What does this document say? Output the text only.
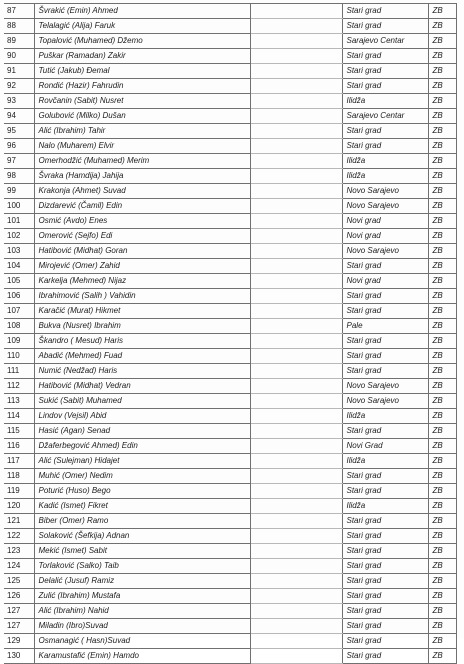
87	Švrakić (Emin) Ahmed		Stari grad	ZB
88	Telalagić (Alija) Faruk		Stari grad	ZB
89	Topalović (Muhamed) Džemo		Sarajevo Centar	ZB
90	Puškar (Ramadan) Zakir		Stari grad	ZB
91	Tutić (Jakub) Đemal		Stari grad	ZB
92	Rondić (Hazir) Fahrudin		Stari grad	ZB
93	Rovčanin (Sabit) Nusret		Ilidža	ZB
94	Golubović (Milko) Dušan		Sarajevo Centar	ZB
95	Alić (Ibrahim) Tahir		Stari grad	ZB
96	Nalo (Muharem) Elvir		Stari grad	ZB
97	Omerhodžić (Muhamed) Merim		Ilidža	ZB
98	Švraka (Hamdija) Jahija		Ilidža	ZB
99	Krakonja (Ahmet) Suvad		Novo Sarajevo	ZB
100	Dizdarević (Čamil) Edin		Novo Sarajevo	ZB
101	Osmić (Avdo) Enes		Novi grad	ZB
102	Omerović (Sejfo) Edi		Novi grad	ZB
103	Hatibović (Midhat) Goran		Novo Sarajevo	ZB
104	Mirojević (Omer) Zahid		Stari grad	ZB
105	Karkelja (Mehmed) Nijaz		Novi grad	ZB
106	Ibrahimović (Salih ) Vahidin		Stari grad	ZB
107	Karačić (Murat) Hikmet		Stari grad	ZB
108	Bukva (Nusret) Ibrahim		Pale	ZB
109	Škandro ( Mesud) Haris		Stari grad	ZB
110	Abadić (Mehmed) Fuad		Stari grad	ZB
111	Numić (Nedžad) Haris		Stari grad	ZB
112	Hatibović (Midhat) Vedran		Novo Sarajevo	ZB
113	Sukić (Sabit) Muhamed		Novo Sarajevo	ZB
114	Lindov (Vejsil) Abid		Ilidža	ZB
115	Hasić (Agan) Senad		Stari grad	ZB
116	Džaferbegović Ahmed) Edin		Novi Grad	ZB
117	Alić (Sulejman) Hidajet		Ilidža	ZB
118	Muhić (Omer) Nedim		Stari grad	ZB
119	Poturić (Huso) Bego		Stari grad	ZB
120	Kadić (Ismet) Fikret		Ilidža	ZB
121	Biber (Omer) Ramo		Stari grad	ZB
122	Solaković (Šefkija) Adnan		Stari grad	ZB
123	Mekić (Ismet) Sabit		Stari grad	ZB
124	Torlaković (Salko) Taib		Stari grad	ZB
125	Delalić (Jusuf) Ramiz		Stari grad	ZB
126	Zulić (Ibrahim) Mustafa		Stari grad	ZB
127	Alić (Ibrahim) Nahid		Stari grad	ZB
127	Miladin (Ibro)Suvad		Stari grad	ZB
129	Osmanagić ( Hasn)Suvad		Stari grad	ZB
130	Karamustafić (Emin) Hamdo		Stari grad	ZB
